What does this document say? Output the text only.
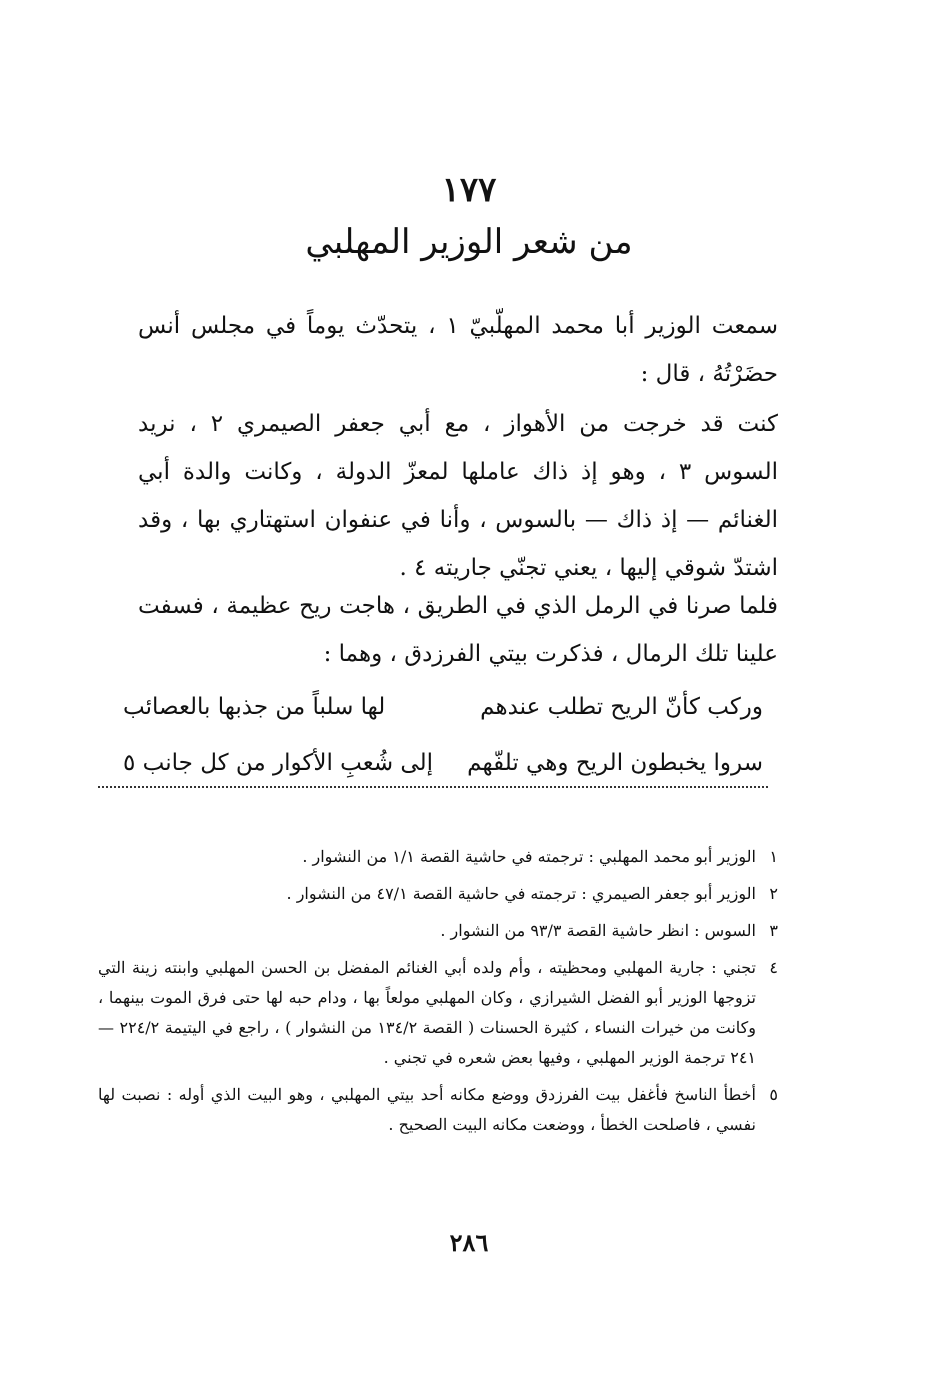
١٧٧
من شعر الوزير المهلبي
سمعت الوزير أبا محمد المهلّبيّ ١ ، يتحدّث يوماً في مجلس أنس حضَرْتُهُ ، قال :
كنت قد خرجت من الأهواز ، مع أبي جعفر الصيمري ٢ ، نريد السوس ٣ ، وهو إذ ذاك عاملها لمعزّ الدولة ، وكانت والدة أبي الغنائم — إذ ذاك — بالسوس ، وأنا في عنفوان استهتاري بها ، وقد اشتدّ شوقي إليها ، يعني تجنّي جاريته ٤ .
فلما صرنا في الرمل الذي في الطريق ، هاجت ريح عظيمة ، فسفت علينا تلك الرمال ، فذكرت بيتي الفرزدق ، وهما :
وركب كأنّ الريح تطلب عندهم
لها سلباً من جذبها بالعصائب
سروا يخبطون الريح وهي تلفّهم
إلى شُعبِ الأكوار من كل جانب ٥
١
الوزير أبو محمد المهلبي : ترجمته في حاشية القصة ١/١ من النشوار .
٢
الوزير أبو جعفر الصيمري : ترجمته في حاشية القصة ٤٧/١ من النشوار .
٣
السوس : انظر حاشية القصة ٩٣/٣ من النشوار .
٤
تجني : جارية المهلبي ومحظيته ، وأم ولده أبي الغنائم المفضل بن الحسن المهلبي وابنته زينة التي تزوجها الوزير أبو الفضل الشيرازي ، وكان المهلبي مولعاً بها ، ودام حبه لها حتى فرق الموت بينهما ، وكانت من خيرات النساء ، كثيرة الحسنات ( القصة ١٣٤/٢ من النشوار ) ، راجع في اليتيمة ٢٢٤/٢ — ٢٤١ ترجمة الوزير المهلبي ، وفيها بعض شعره في تجني .
٥
أخطأ الناسخ فأغفل بيت الفرزدق ووضع مكانه أحد بيتي المهلبي ، وهو البيت الذي أوله : نصبت لها نفسي ، فاصلحت الخطأ ، ووضعت مكانه البيت الصحيح .
٢٨٦
